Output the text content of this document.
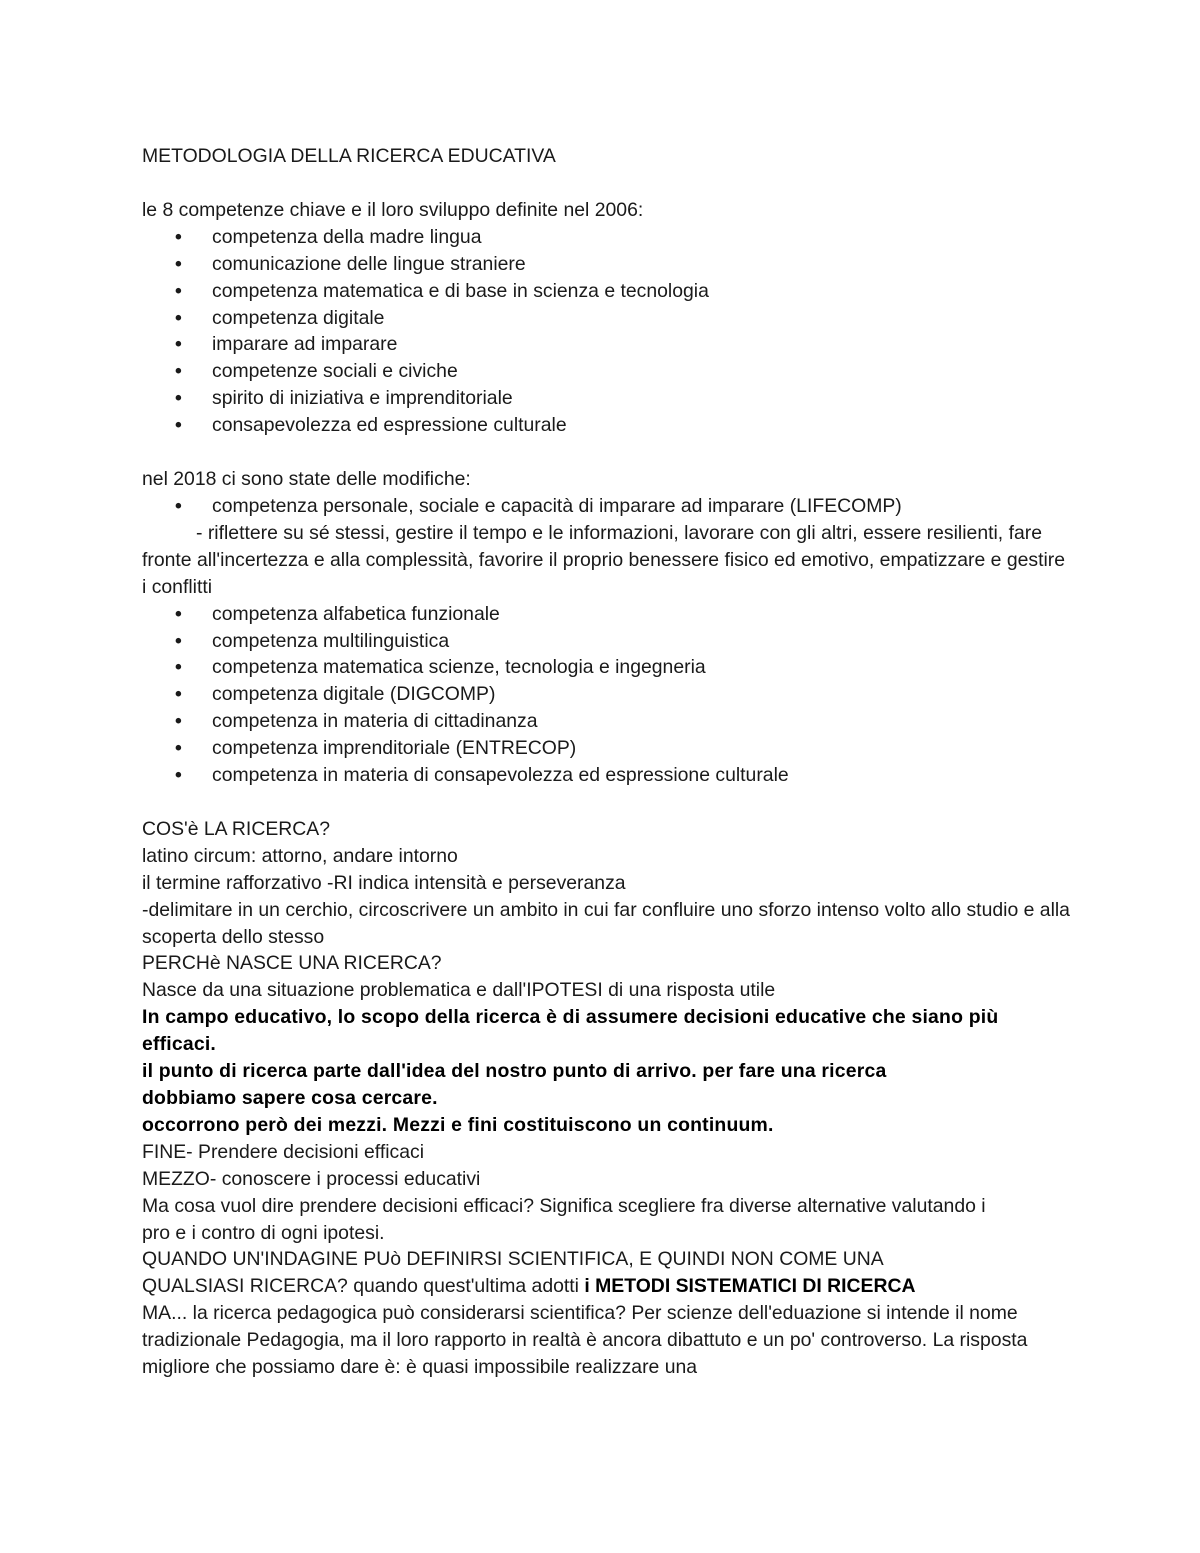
METODOLOGIA DELLA RICERCA EDUCATIVA

le 8 competenze chiave e il loro sviluppo definite nel 2006:

• competenza della madre lingua
• comunicazione delle lingue straniere
• competenza matematica e di base in scienza e tecnologia
• competenza digitale
• imparare ad imparare
• competenze sociali e civiche
• spirito di iniziativa e imprenditoriale
• consapevolezza ed espressione culturale

nel 2018 ci sono state delle modifiche:

• competenza personale, sociale e capacità di imparare ad imparare (LIFECOMP)

- riflettere su sé stessi, gestire il tempo e le informazioni, lavorare con gli altri, essere resilienti, fare fronte all'incertezza e alla complessità, favorire il proprio benessere fisico ed emotivo, empatizzare e gestire i conflitti

• competenza alfabetica funzionale
• competenza multilinguistica
• competenza matematica scienze, tecnologia e ingegneria
• competenza digitale (DIGCOMP)
• competenza in materia di cittadinanza
• competenza imprenditoriale (ENTRECOP)
• competenza in materia di consapevolezza ed espressione culturale

COS'è LA RICERCA?

latino circum: attorno, andare intorno

il termine rafforzativo -RI indica intensità e perseveranza

-delimitare in un cerchio, circoscrivere un ambito in cui far confluire uno sforzo intenso volto allo studio e alla scoperta dello stesso

PERCHè NASCE UNA RICERCA?

Nasce da una situazione problematica e dall'IPOTESI di una risposta utile

In campo educativo, lo scopo della ricerca è di assumere decisioni educative che siano più efficaci.

il punto di ricerca parte dall'idea del nostro punto di arrivo. per fare una ricerca dobbiamo sapere cosa cercare.

occorrono però dei mezzi. Mezzi e fini costituiscono un continuum.

FINE- Prendere decisioni efficaci

MEZZO- conoscere i processi educativi

Ma cosa vuol dire prendere decisioni efficaci? Significa scegliere fra diverse alternative valutando i pro e i contro di ogni ipotesi.

QUANDO UN'INDAGINE PUò DEFINIRSI SCIENTIFICA, E QUINDI NON COME UNA QUALSIASI RICERCA? quando quest'ultima adotti i METODI SISTEMATICI DI RICERCA

MA... la ricerca pedagogica può considerarsi scientifica? Per scienze dell'eduazione si intende il nome tradizionale Pedagogia, ma il loro rapporto in realtà è ancora dibattuto e un po' controverso. La risposta migliore che possiamo dare è: è quasi impossibile realizzare una
